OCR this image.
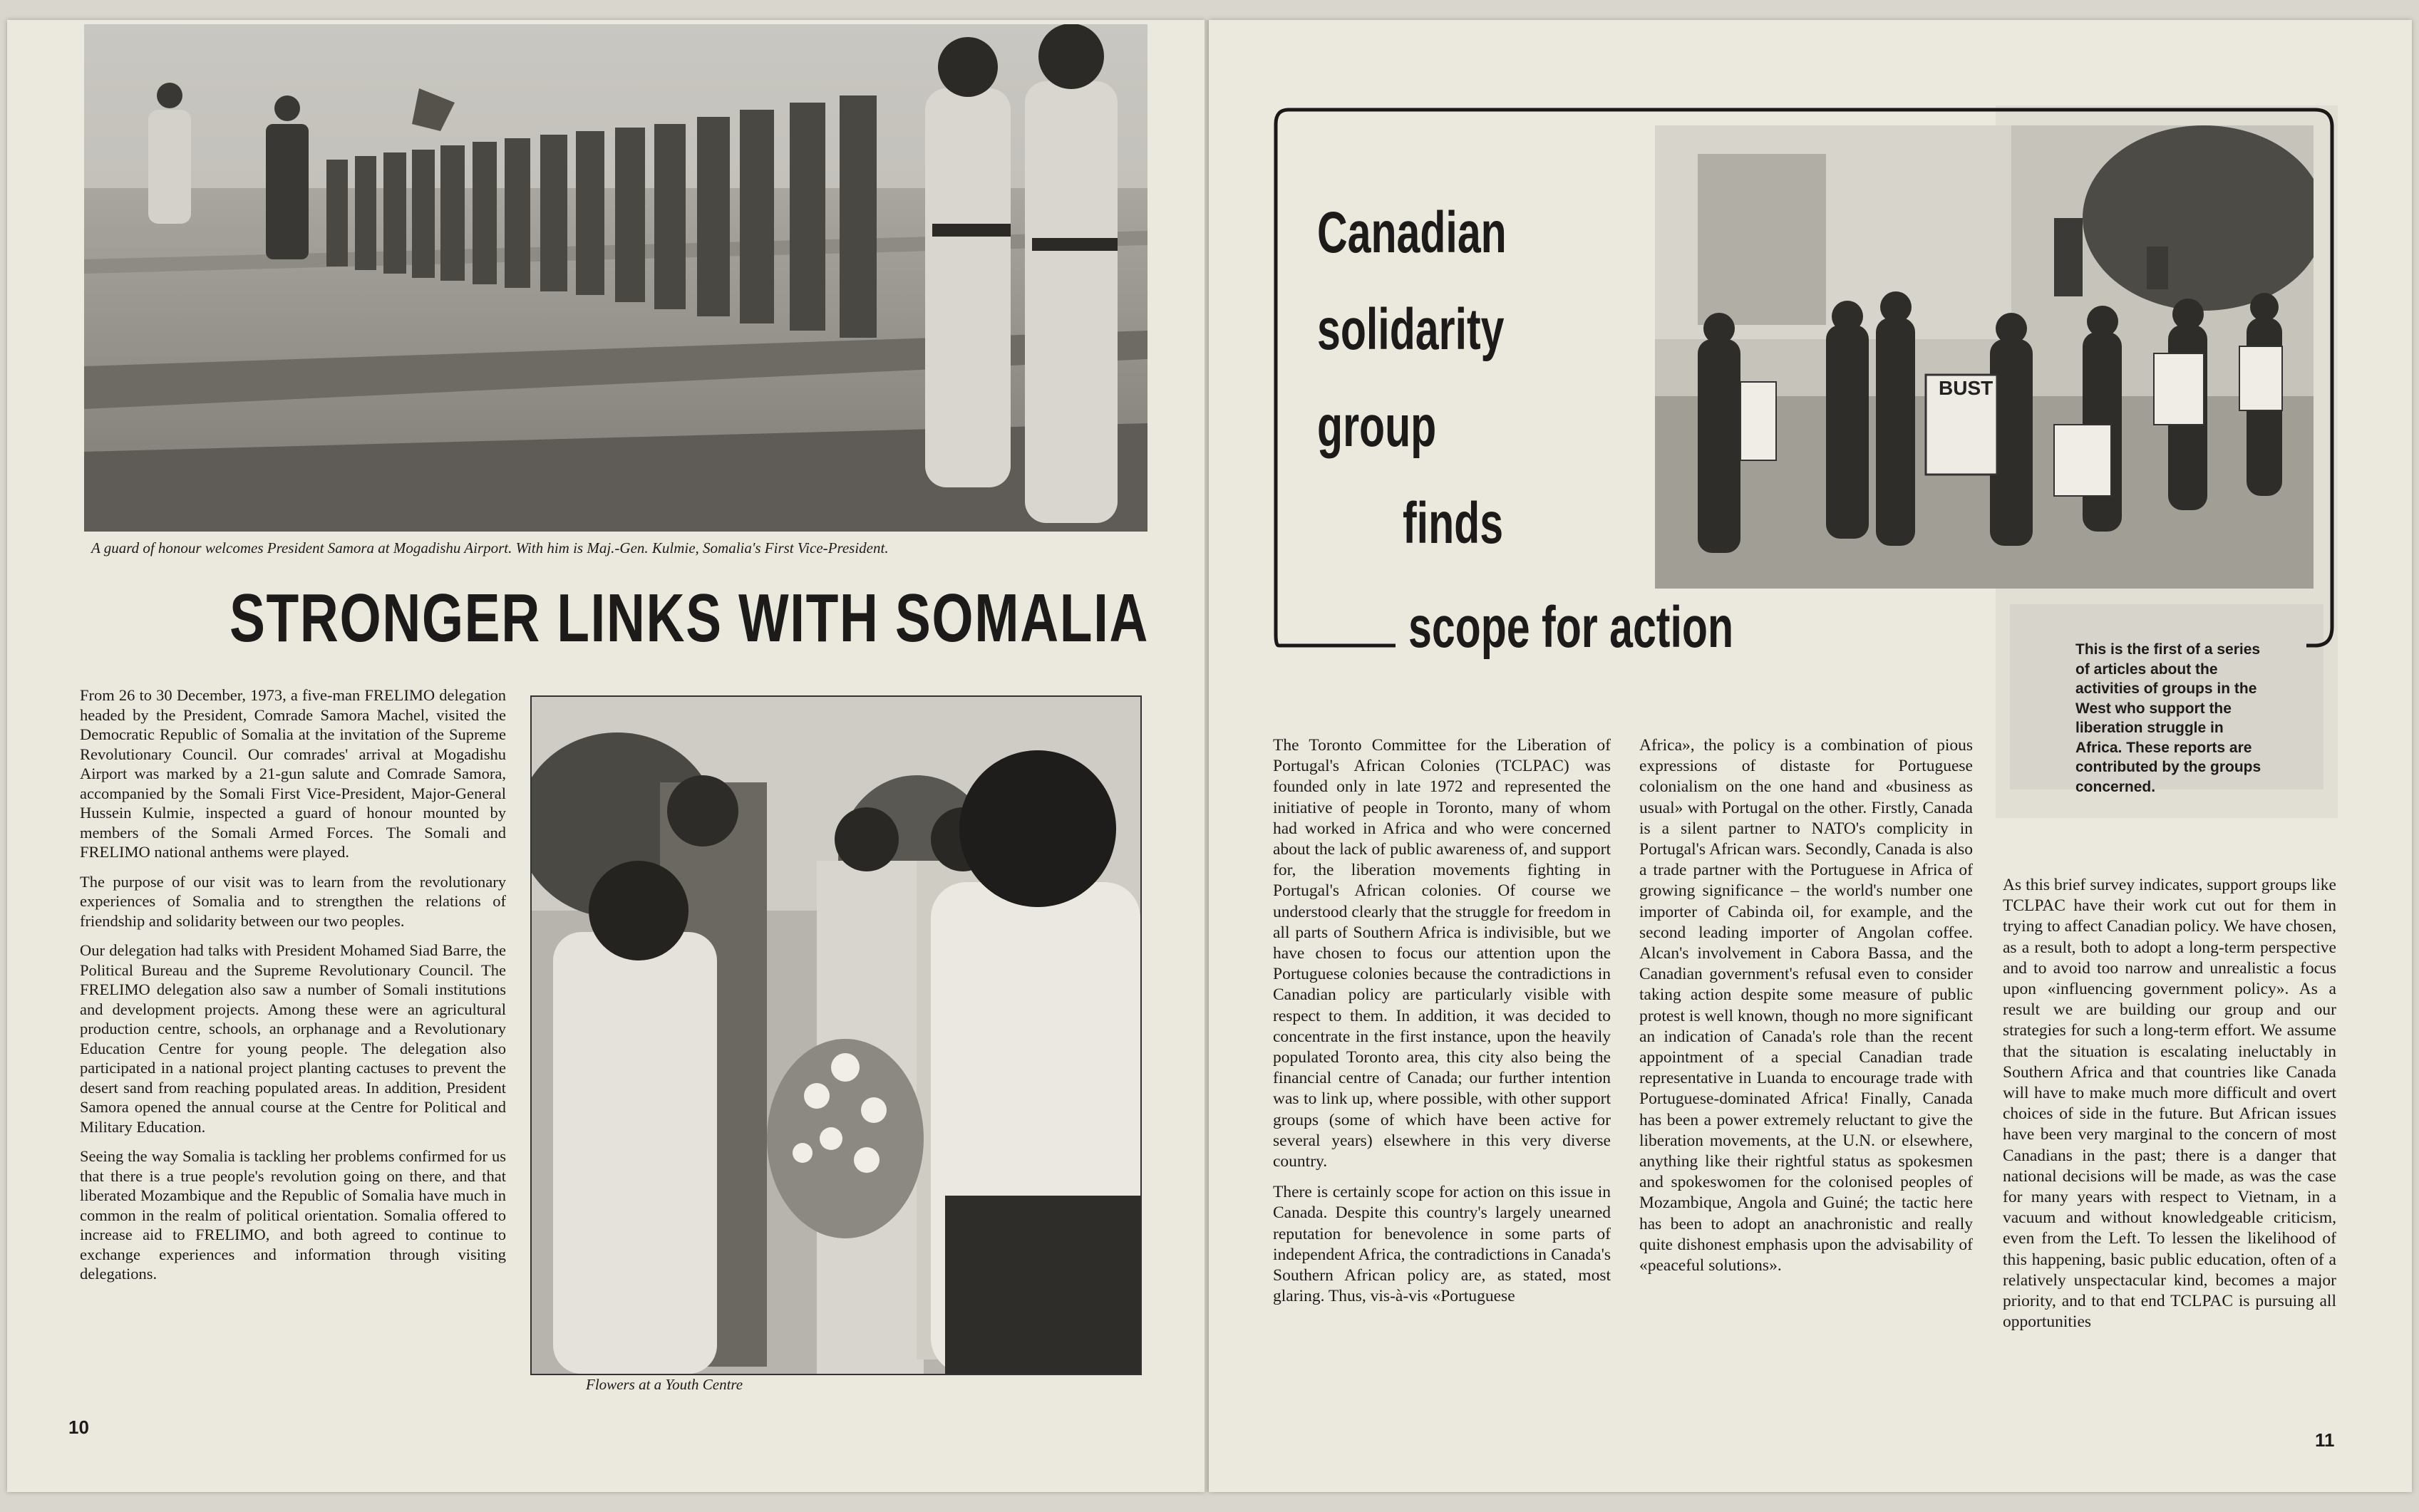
A guard of honour welcomes President Samora at Mogadishu Airport. With him is Maj.-Gen. Kulmie, Somalia's First Vice-President.
STRONGER LINKS WITH SOMALIA

From 26 to 30 December, 1973, a five-man FRELIMO delegation headed by the President, Comrade Samora Machel, visited the Democratic Republic of Somalia at the invitation of the Supreme Revolutionary Council. Our comrades' arrival at Mogadishu Airport was marked by a 21-gun salute and Comrade Samora, accompanied by the Somali First Vice-President, Major-General Hussein Kulmie, inspected a guard of honour mounted by members of the Somali Armed Forces. The Somali and FRELIMO national anthems were played.

The purpose of our visit was to learn from the revolutionary experiences of Somalia and to strengthen the relations of friendship and solidarity between our two peoples.

Our delegation had talks with President Mohamed Siad Barre, the Political Bureau and the Supreme Revolutionary Council. The FRELIMO delegation also saw a number of Somali institutions and development projects. Among these were an agricultural production centre, schools, an orphanage and a Revolutionary Education Centre for young people. The delegation also participated in a national project planting cactuses to prevent the desert sand from reaching populated areas. In addition, President Samora opened the annual course at the Centre for Political and Military Education.

Seeing the way Somalia is tackling her problems confirmed for us that there is a true people's revolution going on there, and that liberated Mozambique and the Republic of Somalia have much in common in the realm of political orientation. Somalia offered to increase aid to FRELIMO, and both agreed to continue to exchange experiences and information through visiting delegations.

Flowers at a Youth Centre
10
BUST
Canadian
solidarity
group
finds
scope for action	This is the first of a series of articles about the activities of groups in the West who support the liberation struggle in Africa. These reports are contributed by the groups concerned.

The Toronto Committee for the Liberation of Portugal's African Colonies (TCLPAC) was founded only in late 1972 and represented the initiative of people in Toronto, many of whom had worked in Africa and who were concerned about the lack of public awareness of, and support for, the liberation movements fighting in Portugal's African colonies. Of course we understood clearly that the struggle for freedom in all parts of Southern Africa is indivisible, but we have chosen to focus our attention upon the Portuguese colonies because the contradictions in Canadian policy are particularly visible with respect to them. In addition, it was decided to concentrate in the first instance, upon the heavily populated Toronto area, this city also being the financial centre of Canada; our further intention was to link up, where possible, with other support groups (some of which have been active for several years) elsewhere in this very diverse country.

There is certainly scope for action on this issue in Canada. Despite this country's largely unearned reputation for benevolence in some parts of independent Africa, the contradictions in Canada's Southern African policy are, as stated, most glaring. Thus, vis-à-vis «Portuguese

Africa», the policy is a combination of pious expressions of distaste for Portuguese colonialism on the one hand and «business as usual» with Portugal on the other. Firstly, Canada is a silent partner to NATO's complicity in Portugal's African wars. Secondly, Canada is also a trade partner with the Portuguese in Africa of growing significance – the world's number one importer of Cabinda oil, for example, and the second leading importer of Angolan coffee. Alcan's involvement in Cabora Bassa, and the Canadian government's refusal even to consider taking action despite some measure of public protest is well known, though no more significant an indication of Canada's role than the recent appointment of a special Canadian trade representative in Luanda to encourage trade with Portuguese-dominated Africa! Finally, Canada has been a power extremely reluctant to give the liberation movements, at the U.N. or elsewhere, anything like their rightful status as spokesmen and spokeswomen for the colonised peoples of Mozambique, Angola and Guiné; the tactic here has been to adopt an anachronistic and really quite dishonest emphasis upon the advisability of «peaceful solutions».

As this brief survey indicates, support groups like TCLPAC have their work cut out for them in trying to affect Canadian policy. We have chosen, as a result, both to adopt a long-term perspective and to avoid too narrow and unrealistic a focus upon «influencing government policy». As a result we are building our group and our strategies for such a long-term effort. We assume that the situation is escalating ineluctably in Southern Africa and that countries like Canada will have to make much more difficult and overt choices of side in the future. But African issues have been very marginal to the concern of most Canadians in the past; there is a danger that national decisions will be made, as was the case for many years with respect to Vietnam, in a vacuum and without knowledgeable criticism, even from the Left. To lessen the likelihood of this happening, basic public education, often of a relatively unspectacular kind, becomes a major priority, and to that end TCLPAC is pursuing all opportunities

11
